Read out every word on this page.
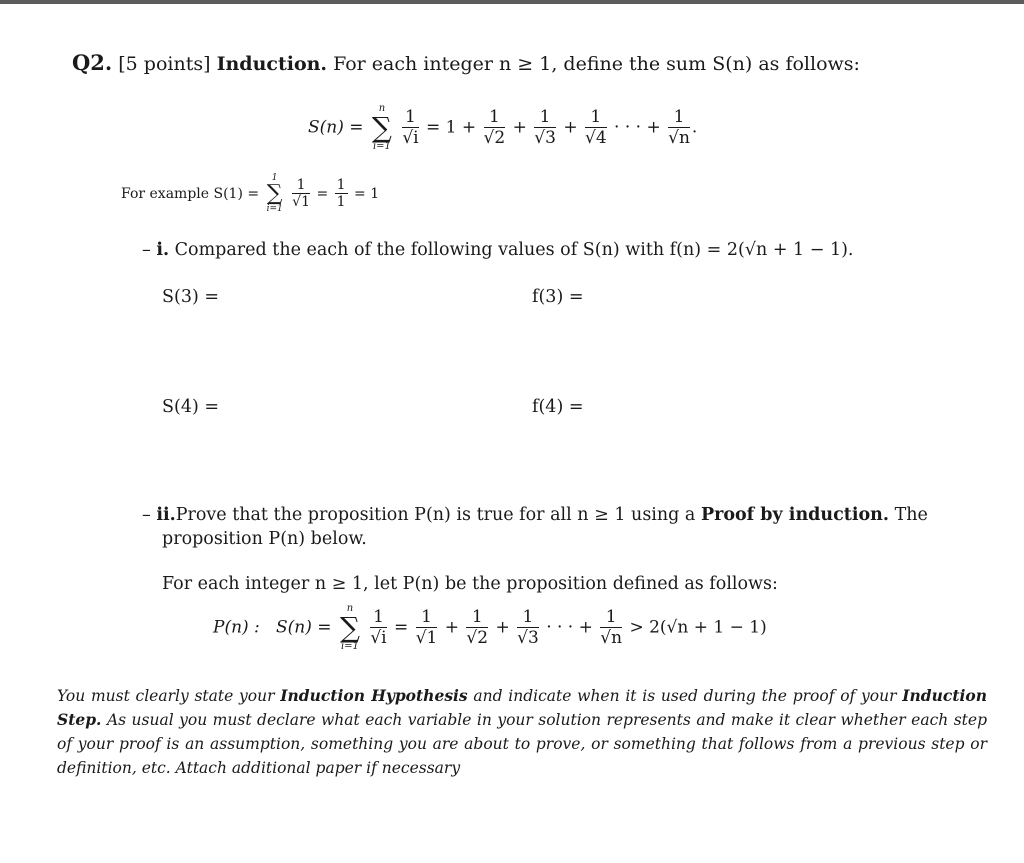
Q2. [5 points] Induction. For each integer n ≥ 1, define the sum S(n) as follows:
S(n) =
n
∑
i=1
$\frac{1}{√i} = 1 + \frac{1}{√2} + \frac{1}{√3} + \frac{1}{√4}$ · · · + $\frac{1}{√n}$ .
For example S(1) =
1
∑
i=1
$\frac{1}{√1} = \frac{1}{1} = 1$
– i. Compared the each of the following values of S(n) with f(n) = 2(√n + 1 − 1).
S(3) =	f(3) =
S(4) =	f(4) =
– ii.Prove that the proposition P(n) is true for all n ≥ 1 using a Proof by induction. The
proposition P(n) below.
For each integer n ≥ 1, let P(n) be the proposition defined as follows:
P(n) : S(n) =
n
∑
i=1
$\frac{1}{√i} = \frac{1}{√1} + \frac{1}{√2} + \frac{1}{√3}$ · · · + $\frac{1}{√n} > 2(√n + 1 - 1)$
You must clearly state your Induction Hypothesis and indicate when it is used during the proof of your Induction Step. As usual you must declare what each variable in your solution represents and make it clear whether each step of your proof is an assumption, something you are about to prove, or something that follows from a previous step or definition, etc. Attach additional paper if necessary
